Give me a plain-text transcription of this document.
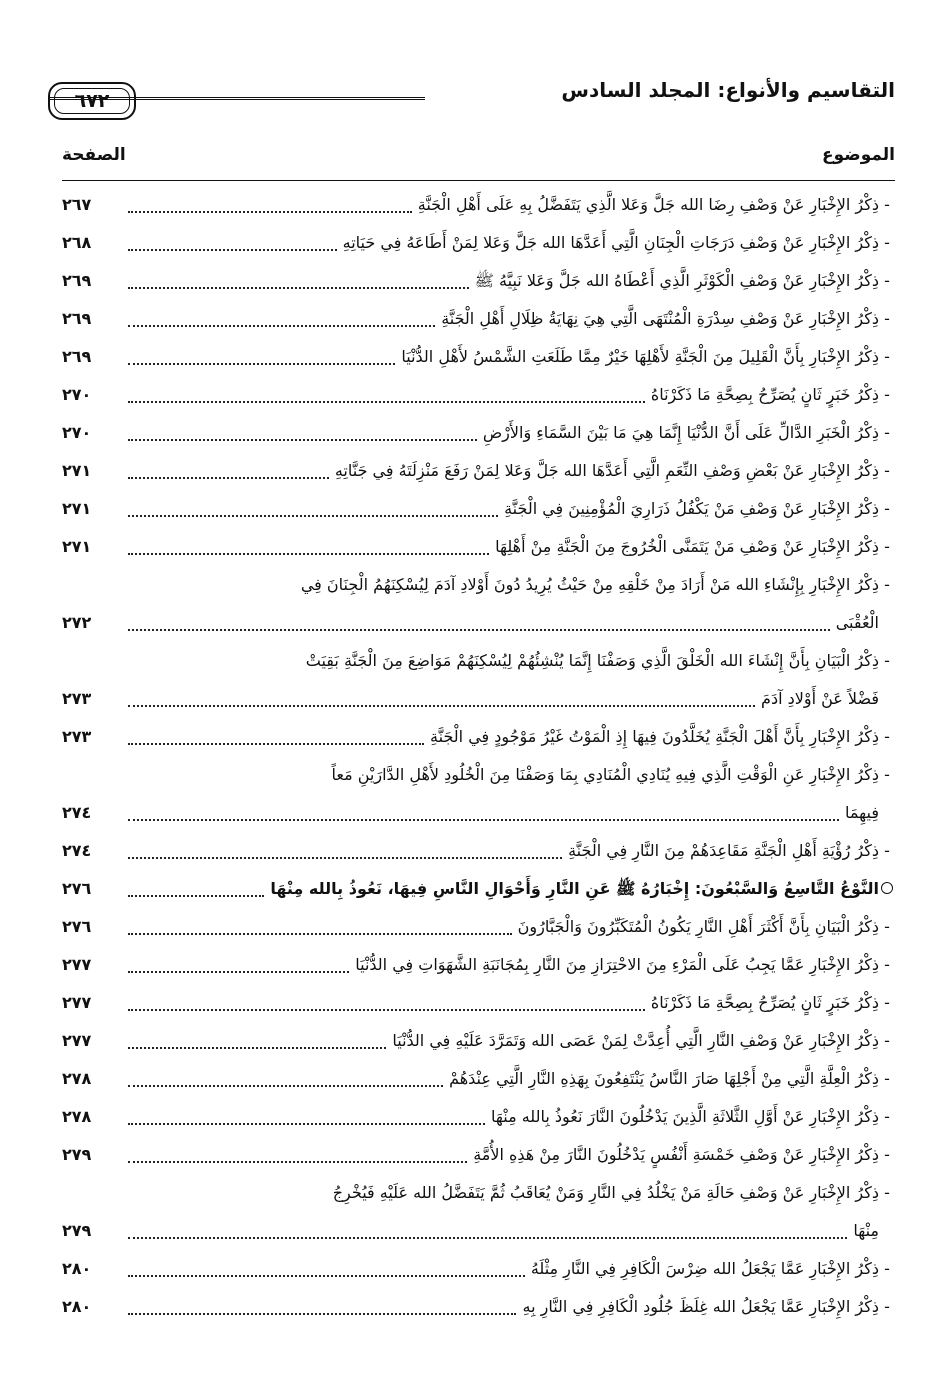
التقاسيم والأنواع: المجلد السادس
٦٧٢
الموضوع
الصفحة
-
ذِكْرُ الإِخْبَارِ عَنْ وَصْفِ رِضَا الله جَلَّ وَعَلا الَّذِي يَتَفَضَّلُ بِهِ عَلَى أَهْلِ الْجَنَّةِ
٢٦٧
-
ذِكْرُ الإِخْبَارِ عَنْ وَصْفِ دَرَجَاتِ الْجِنَانِ الَّتِي أَعَدَّهَا الله جَلَّ وَعَلا لِمَنْ أَطَاعَهُ فِي حَيَاتِهِ
٢٦٨
-
ذِكْرُ الإِخْبَارِ عَنْ وَصْفِ الْكَوْثَرِ الَّذِي أَعْطَاهُ الله جَلَّ وَعَلا نَبِيَّهُ ﷺ
٢٦٩
-
ذِكْرُ الإِخْبَارِ عَنْ وَصْفِ سِدْرَةِ الْمُنْتَهَى الَّتِي هِيَ نِهَايَةُ ظِلَالِ أَهْلِ الْجَنَّةِ
٢٦٩
-
ذِكْرُ الإِخْبَارِ بِأَنَّ الْقَلِيلَ مِنَ الْجَنَّةِ لأَهْلِهَا خَيْرٌ مِمَّا طَلَعَتِ الشَّمْسُ لأَهْلِ الدُّنْيَا
٢٦٩
-
ذِكْرُ خَبَرٍ ثَانٍ يُصَرِّحُ بِصِحَّةِ مَا ذَكَرْنَاهُ
٢٧٠
-
ذِكْرُ الْخَبَرِ الدَّالِّ عَلَى أَنَّ الدُّنْيَا إِنَّمَا هِيَ مَا بَيْنَ السَّمَاءِ وَالأَرْضِ
٢٧٠
-
ذِكْرُ الإِخْبَارِ عَنْ بَعْضِ وَصْفِ النِّعَمِ الَّتِي أَعَدَّهَا الله جَلَّ وَعَلا لِمَنْ رَفَعَ مَنْزِلَتَهُ فِي جَنَّاتِهِ
٢٧١
-
ذِكْرُ الإِخْبَارِ عَنْ وَصْفِ مَنْ يَكْفُلُ ذَرَارِيَ الْمُؤْمِنِينَ فِي الْجَنَّةِ
٢٧١
-
ذِكْرُ الإِخْبَارِ عَنْ وَصْفِ مَنْ يَتَمَنَّى الْخُرُوجَ مِنَ الْجَنَّةِ مِنْ أَهْلِهَا
٢٧١
-
ذِكْرُ الإِخْبَارِ بِإِنْشَاءِ الله مَنْ أَرَادَ مِنْ خَلْقِهِ مِنْ حَيْثُ يُرِيدُ دُونَ أَوْلادِ آدَمَ لِيُسْكِنَهُمُ الْجِنَانَ فِي
الْعُقْبَى
٢٧٢
-
ذِكْرُ الْبَيَانِ بِأَنَّ إِنْشَاءَ الله الْخَلْقَ الَّذِي وَصَفْنَا إِنَّمَا يُنْشِئُهُمْ لِيُسْكِنَهُمْ مَوَاضِعَ مِنَ الْجَنَّةِ بَقِيَتْ
فَضْلاً عَنْ أَوْلادِ آدَمَ
٢٧٣
-
ذِكْرُ الإِخْبَارِ بِأَنَّ أَهْلَ الْجَنَّةِ يُخَلَّدُونَ فِيهَا إِذِ الْمَوْتُ غَيْرُ مَوْجُودٍ فِي الْجَنَّةِ
٢٧٣
-
ذِكْرُ الإِخْبَارِ عَنِ الْوَقْتِ الَّذِي فِيهِ يُنَادِي الْمُنَادِي بِمَا وَصَفْنَا مِنَ الْخُلُودِ لأَهْلِ الدَّارَيْنِ مَعاً
فِيهِمَا
٢٧٤
-
ذِكْرُ رُؤْيَةِ أَهْلِ الْجَنَّةِ مَقَاعِدَهُمْ مِنَ النَّارِ فِي الْجَنَّةِ
٢٧٤
النَّوْعُ التَّاسِعُ وَالسَّبْعُونَ: إِخْبَارُهُ ﷺ عَنِ النَّارِ وَأَحْوَالِ النَّاسِ فِيهَا، نَعُوذُ بِالله مِنْهَا
٢٧٦
-
ذِكْرُ الْبَيَانِ بِأَنَّ أَكْثَرَ أَهْلِ النَّارِ يَكُونُ الْمُتَكَبِّرُونَ وَالْجَبَّارُونَ
٢٧٦
-
ذِكْرُ الإِخْبَارِ عَمَّا يَجِبُ عَلَى الْمَرْءِ مِنَ الاحْتِرَازِ مِنَ النَّارِ بِمُجَانَبَةِ الشَّهَوَاتِ فِي الدُّنْيَا
٢٧٧
-
ذِكْرُ خَبَرٍ ثَانٍ يُصَرِّحُ بِصِحَّةِ مَا ذَكَرْنَاهُ
٢٧٧
-
ذِكْرُ الإِخْبَارِ عَنْ وَصْفِ النَّارِ الَّتِي أُعِدَّتْ لِمَنْ عَصَى الله وَتَمَرَّدَ عَلَيْهِ فِي الدُّنْيَا
٢٧٧
-
ذِكْرُ الْعِلَّةِ الَّتِي مِنْ أَجْلِهَا صَارَ النَّاسُ يَنْتَفِعُونَ بِهَذِهِ النَّارِ الَّتِي عِنْدَهُمْ
٢٧٨
-
ذِكْرُ الإِخْبَارِ عَنْ أَوَّلِ الثَّلاثَةِ الَّذِينَ يَدْخُلُونَ النَّارَ نَعُوذُ بِالله مِنْهَا
٢٧٨
-
ذِكْرُ الإِخْبَارِ عَنْ وَصْفِ خَمْسَةِ أَنْفُسٍ يَدْخُلُونَ النَّارَ مِنْ هَذِهِ الأُمَّةِ
٢٧٩
-
ذِكْرُ الإِخْبَارِ عَنْ وَصْفِ حَالَةِ مَنْ يَخْلُدُ فِي النَّارِ وَمَنْ يُعَاقَبُ ثُمَّ يَتَفَضَّلُ الله عَلَيْهِ فَيُخْرِجُ
مِنْهَا
٢٧٩
-
ذِكْرُ الإِخْبَارِ عَمَّا يَجْعَلُ الله ضِرْسَ الْكَافِرِ فِي النَّارِ مِثْلَهُ
٢٨٠
-
ذِكْرُ الإِخْبَارِ عَمَّا يَجْعَلُ الله غِلَظَ جُلُودِ الْكَافِرِ فِي النَّارِ بِهِ
٢٨٠
